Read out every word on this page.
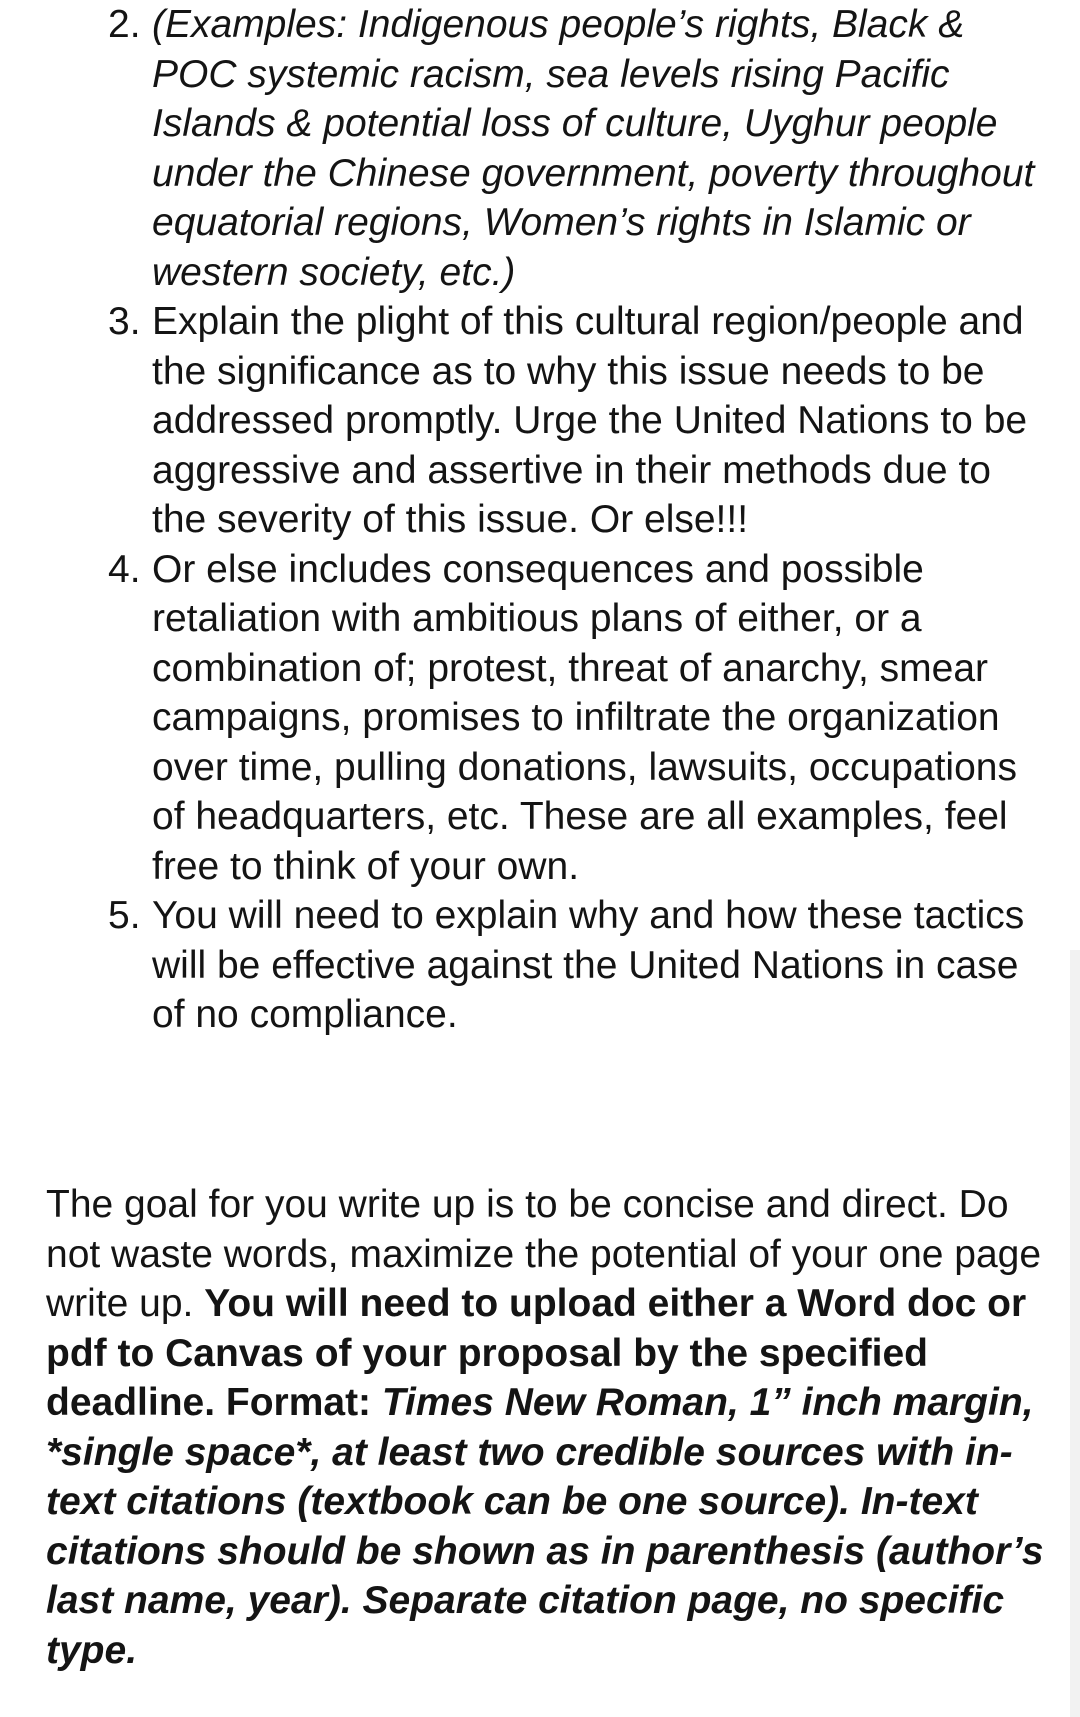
2. (Examples: Indigenous people’s rights, Black & POC systemic racism, sea levels rising Pacific Islands & potential loss of culture, Uyghur people under the Chinese government, poverty throughout equatorial regions, Women’s rights in Islamic or western society, etc.)
3. Explain the plight of this cultural region/people and the significance as to why this issue needs to be addressed promptly. Urge the United Nations to be aggressive and assertive in their methods due to the severity of this issue. Or else!!!
4. Or else includes consequences and possible retaliation with ambitious plans of either, or a combination of; protest, threat of anarchy, smear campaigns, promises to infiltrate the organization over time, pulling donations, lawsuits, occupations of headquarters, etc. These are all examples, feel free to think of your own.
5. You will need to explain why and how these tactics will be effective against the United Nations in case of no compliance.

The goal for you write up is to be concise and direct. Do not waste words, maximize the potential of your one page write up. You will need to upload either a Word doc or pdf to Canvas of your proposal by the specified deadline. Format: Times New Roman, 1” inch margin, *single space*, at least two credible sources with in-text citations (textbook can be one source). In-text citations should be shown as in parenthesis (author’s last name, year). Separate citation page, no specific type.
